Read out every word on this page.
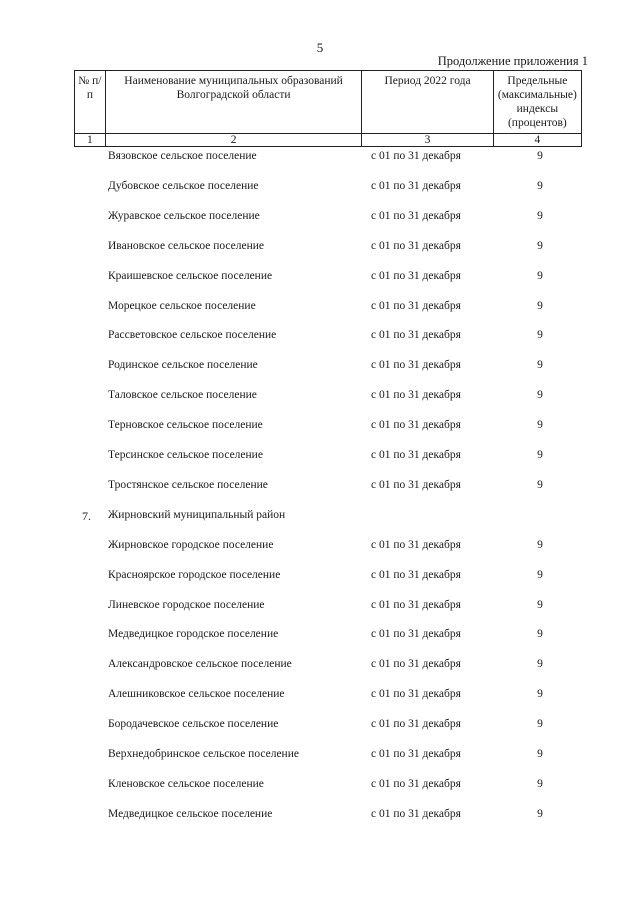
5
Продолжение приложения 1
№ п/п	Наименование муниципальных образований Волгоградской области	Период 2022 года	Предельные (максимальные) индексы (процентов)
1	2	3	4
Вязовское сельское поселение	с 01 по 31 декабря	9
Дубовское сельское поселение	с 01 по 31 декабря	9
Журавское сельское поселение	с 01 по 31 декабря	9
Ивановское сельское поселение	с 01 по 31 декабря	9
Краишевское сельское поселение	с 01 по 31 декабря	9
Морецкое сельское поселение	с 01 по 31 декабря	9
Рассветовское сельское поселение	с 01 по 31 декабря	9
Родинское сельское поселение	с 01 по 31 декабря	9
Таловское сельское поселение	с 01 по 31 декабря	9
Терновское сельское поселение	с 01 по 31 декабря	9
Терсинское сельское поселение	с 01 по 31 декабря	9
Тростянское сельское поселение	с 01 по 31 декабря	9
7.	Жирновский муниципальный район
Жирновское городское поселение	с 01 по 31 декабря	9
Красноярское городское поселение	с 01 по 31 декабря	9
Линевское городское поселение	с 01 по 31 декабря	9
Медведицкое городское поселение	с 01 по 31 декабря	9
Александровское сельское поселение	с 01 по 31 декабря	9
Алешниковское сельское поселение	с 01 по 31 декабря	9
Бородачевское сельское поселение	с 01 по 31 декабря	9
Верхнедобринское сельское поселение	с 01 по 31 декабря	9
Кленовское сельское поселение	с 01 по 31 декабря	9
Медведицкое сельское поселение	с 01 по 31 декабря	9
